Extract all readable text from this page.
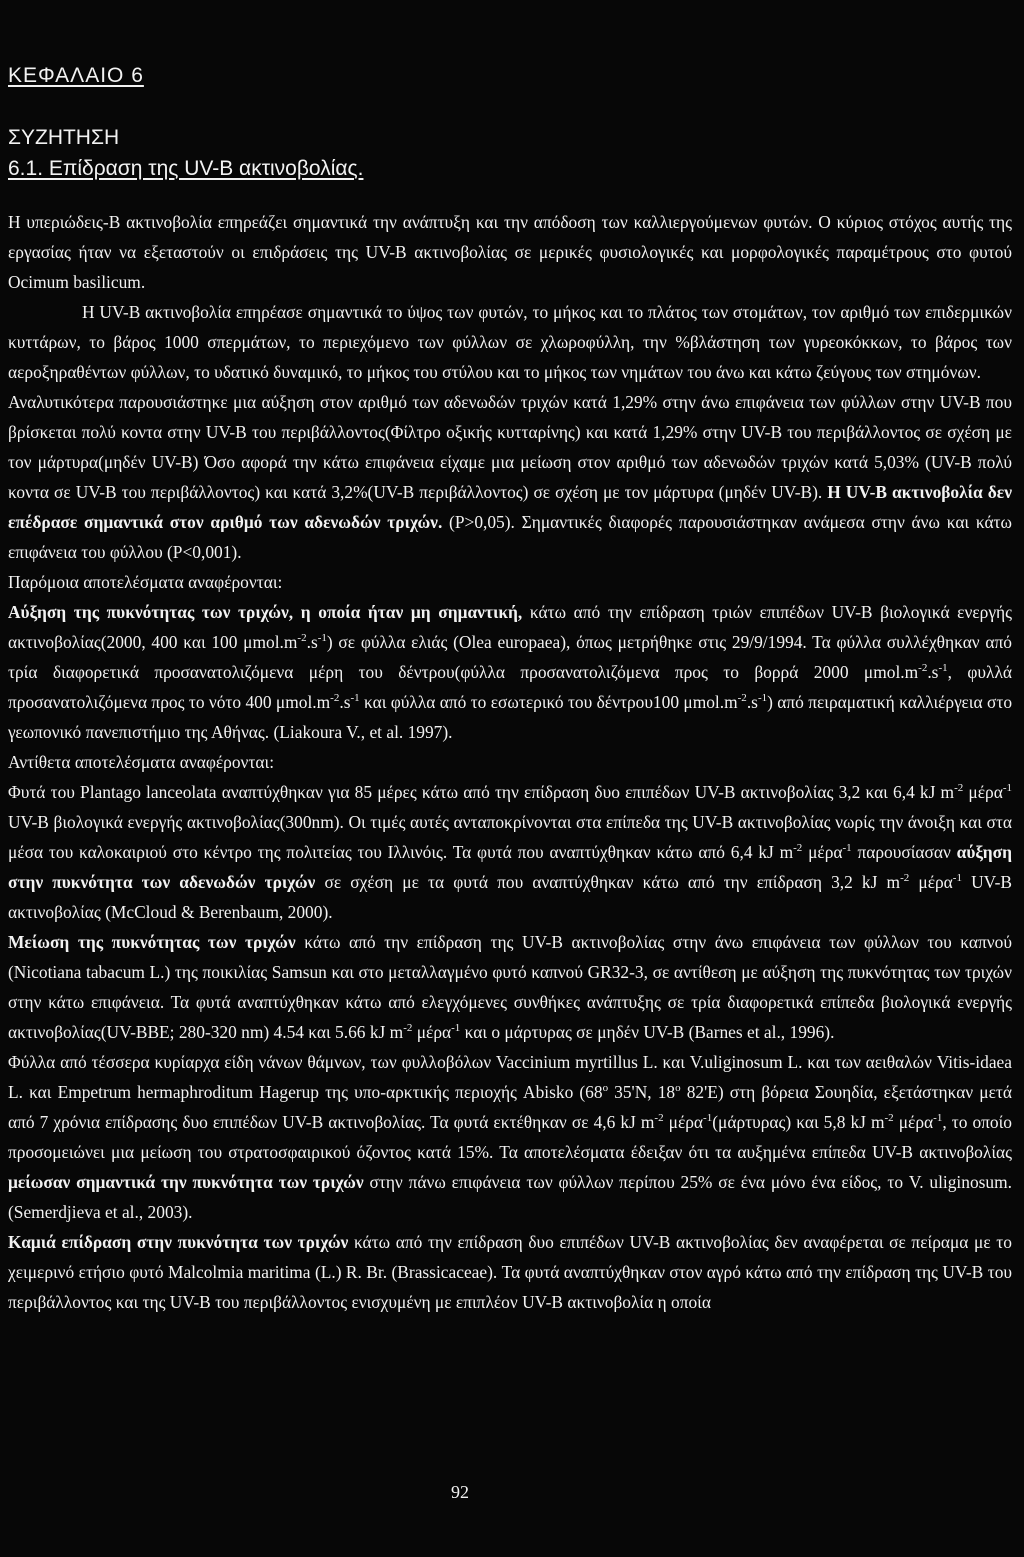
ΚΕΦΑΛΑΙΟ 6
ΣΥΖΗΤΗΣΗ
6.1. Επίδραση της UV-B ακτινοβολίας.

Η υπεριώδεις-Β ακτινοβολία επηρεάζει σημαντικά την ανάπτυξη και την απόδοση των καλλιεργούμενων φυτών. Ο κύριος στόχος αυτής της εργασίας ήταν να εξεταστούν οι επιδράσεις της UV-B ακτινοβολίας σε μερικές φυσιολογικές και μορφολογικές παραμέτρους στο φυτού Ocimum basilicum.

Η UV-B ακτινοβολία επηρέασε σημαντικά το ύψος των φυτών, το μήκος και το πλάτος των στομάτων, τον αριθμό των επιδερμικών κυττάρων, το βάρος 1000 σπερμάτων, το περιεχόμενο των φύλλων σε χλωροφύλλη, την %βλάστηση των γυρεοκόκκων, το βάρος των αεροξηραθέντων φύλλων, το υδατικό δυναμικό, το μήκος του στύλου και το μήκος των νημάτων του άνω και κάτω ζεύγους των στημόνων.

Αναλυτικότερα παρουσιάστηκε μια αύξηση στον αριθμό των αδενωδών τριχών κατά 1,29% στην άνω επιφάνεια των φύλλων στην UV-B που βρίσκεται πολύ κοντα στην UV-B του περιβάλλοντος(Φίλτρο οξικής κυτταρίνης) και κατά 1,29% στην UV-B του περιβάλλοντος σε σχέση με τον μάρτυρα(μηδέν UV-B) Όσο αφορά την κάτω επιφάνεια είχαμε μια μείωση στον αριθμό των αδενωδών τριχών κατά 5,03% (UV-B πολύ κοντα σε UV-B του περιβάλλοντος) και κατά 3,2%(UV-B περιβάλλοντος) σε σχέση με τον μάρτυρα (μηδέν UV-B). Η UV-B ακτινοβολία δεν επέδρασε σημαντικά στον αριθμό των αδενωδών τριχών. (P>0,05). Σημαντικές διαφορές παρουσιάστηκαν ανάμεσα στην άνω και κάτω επιφάνεια του φύλλου (P<0,001).

Παρόμοια αποτελέσματα αναφέρονται:

Αύξηση της πυκνότητας των τριχών, η οποία ήταν μη σημαντική, κάτω από την επίδραση τριών επιπέδων UV-B βιολογικά ενεργής ακτινοβολίας(2000, 400 και 100 $\mu mol.m^{-2}.s^{-1}$) σε φύλλα ελιάς (Olea europaea), όπως μετρήθηκε στις 29/9/1994. Τα φύλλα συλλέχθηκαν από τρία διαφορετικά προσανατολιζόμενα μέρη του δέντρου(φύλλα προσανατολιζόμενα προς το βορρά 2000 $\mu mol.m^{-2}.s^{-1}$, φυλλά προσανατολιζόμενα προς το νότο 400 $\mu mol.m^{-2}.s^{-1}$ και φύλλα από το εσωτερικό του δέντρου100 $\mu mol.m^{-2}.s^{-1}$) από πειραματική καλλιέργεια στο γεωπονικό πανεπιστήμιο της Αθήνας. (Liakoura V., et al. 1997).

Αντίθετα αποτελέσματα αναφέρονται:

Φυτά του Plantago lanceolata αναπτύχθηκαν για 85 μέρες κάτω από την επίδραση δυο επιπέδων UV-B ακτινοβολίας 3,2 και 6,4 kJ $m^{-2}$ μέρα$^{-1}$ UV-B βιολογικά ενεργής ακτινοβολίας(300nm). Οι τιμές αυτές ανταποκρίνονται στα επίπεδα της UV-B ακτινοβολίας νωρίς την άνοιξη και στα μέσα του καλοκαιριού στο κέντρο της πολιτείας του Ιλλινόις. Τα φυτά που αναπτύχθηκαν κάτω από 6,4 kJ $m^{-2}$ μέρα$^{-1}$ παρουσίασαν αύξηση στην πυκνότητα των αδενωδών τριχών σε σχέση με τα φυτά που αναπτύχθηκαν κάτω από την επίδραση 3,2 kJ $m^{-2}$ μέρα$^{-1}$ UV-B ακτινοβολίας (McCloud & Berenbaum, 2000).

Μείωση της πυκνότητας των τριχών κάτω από την επίδραση της UV-B ακτινοβολίας στην άνω επιφάνεια των φύλλων του καπνού (Nicotiana tabacum L.) της ποικιλίας Samsun και στο μεταλλαγμένο φυτό καπνού GR32-3, σε αντίθεση με αύξηση της πυκνότητας των τριχών στην κάτω επιφάνεια. Τα φυτά αναπτύχθηκαν κάτω από ελεγχόμενες συνθήκες ανάπτυξης σε τρία διαφορετικά επίπεδα βιολογικά ενεργής ακτινοβολίας(UV-BBE; 280-320 nm) 4.54 και 5.66 kJ $m^{-2}$ μέρα$^{-1}$ και ο μάρτυρας σε μηδέν UV-B (Barnes et al., 1996).

Φύλλα από τέσσερα κυρίαρχα είδη νάνων θάμνων, των φυλλοβόλων Vaccinium myrtillus L. και V.uliginosum L. και των αειθαλών Vitis-idaea L. και Empetrum hermaphroditum Hagerup της υπο-αρκτικής περιοχής Abisko (68$^o$ 35'N, 18$^o$ 82'E) στη βόρεια Σουηδία, εξετάστηκαν μετά από 7 χρόνια επίδρασης δυο επιπέδων UV-B ακτινοβολίας. Τα φυτά εκτέθηκαν σε 4,6 kJ $m^{-2}$ μέρα$^{-1}$(μάρτυρας) και 5,8 kJ $m^{-2}$ μέρα$^{-1}$, το οποίο προσομειώνει μια μείωση του στρατοσφαιρικού όζοντος κατά 15%. Τα αποτελέσματα έδειξαν ότι τα αυξημένα επίπεδα UV-B ακτινοβολίας μείωσαν σημαντικά την πυκνότητα των τριχών στην πάνω επιφάνεια των φύλλων περίπου 25% σε ένα μόνο ένα είδος, το V. uliginosum. (Semerdjieva et al., 2003).

Καμιά επίδραση στην πυκνότητα των τριχών κάτω από την επίδραση δυο επιπέδων UV-B ακτινοβολίας δεν αναφέρεται σε πείραμα με το χειμερινό ετήσιο φυτό Malcolmia maritima (L.) R. Br. (Brassicaceae). Τα φυτά αναπτύχθηκαν στον αγρό κάτω από την επίδραση της UV-B του περιβάλλοντος και της UV-B του περιβάλλοντος ενισχυμένη με επιπλέον UV-B ακτινοβολία η οποία

92
